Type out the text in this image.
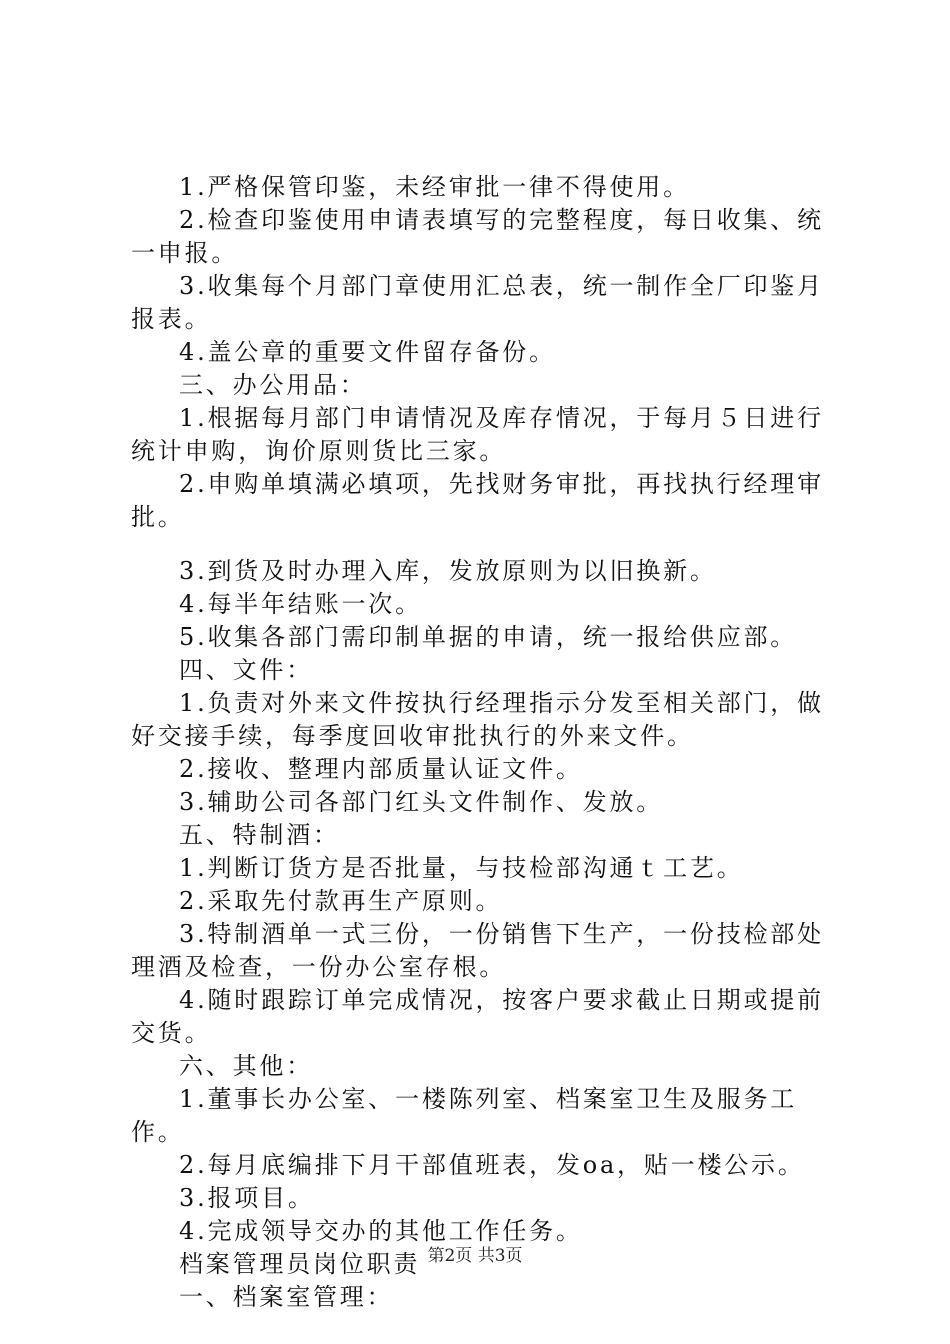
1.严格保管印鉴，未经审批一律不得使用。

2.检查印鉴使用申请表填写的完整程度，每日收集、统一申报。

3.收集每个月部门章使用汇总表，统一制作全厂印鉴月报表。

4.盖公章的重要文件留存备份。

三、办公用品：

1.根据每月部门申请情况及库存情况，于每月５日进行统计申购，询价原则货比三家。

2.申购单填满必填项，先找财务审批，再找执行经理审批。

3.到货及时办理入库，发放原则为以旧换新。

4.每半年结账一次。

5.收集各部门需印制单据的申请，统一报给供应部。

四、文件：

1.负责对外来文件按执行经理指示分发至相关部门，做好交接手续，每季度回收审批执行的外来文件。

2.接收、整理内部质量认证文件。

3.辅助公司各部门红头文件制作、发放。

五、特制酒：

1.判断订货方是否批量，与技检部沟通ｔ工艺。

2.采取先付款再生产原则。

3.特制酒单一式三份，一份销售下生产，一份技检部处理酒及检查，一份办公室存根。

4.随时跟踪订单完成情况，按客户要求截止日期或提前交货。

六、其他：

1.董事长办公室、一楼陈列室、档案室卫生及服务工作。

2.每月底编排下月干部值班表，发oa，贴一楼公示。

3.报项目。

4.完成领导交办的其他工作任务。

档案管理员岗位职责

一、档案室管理：

第2页 共3页
